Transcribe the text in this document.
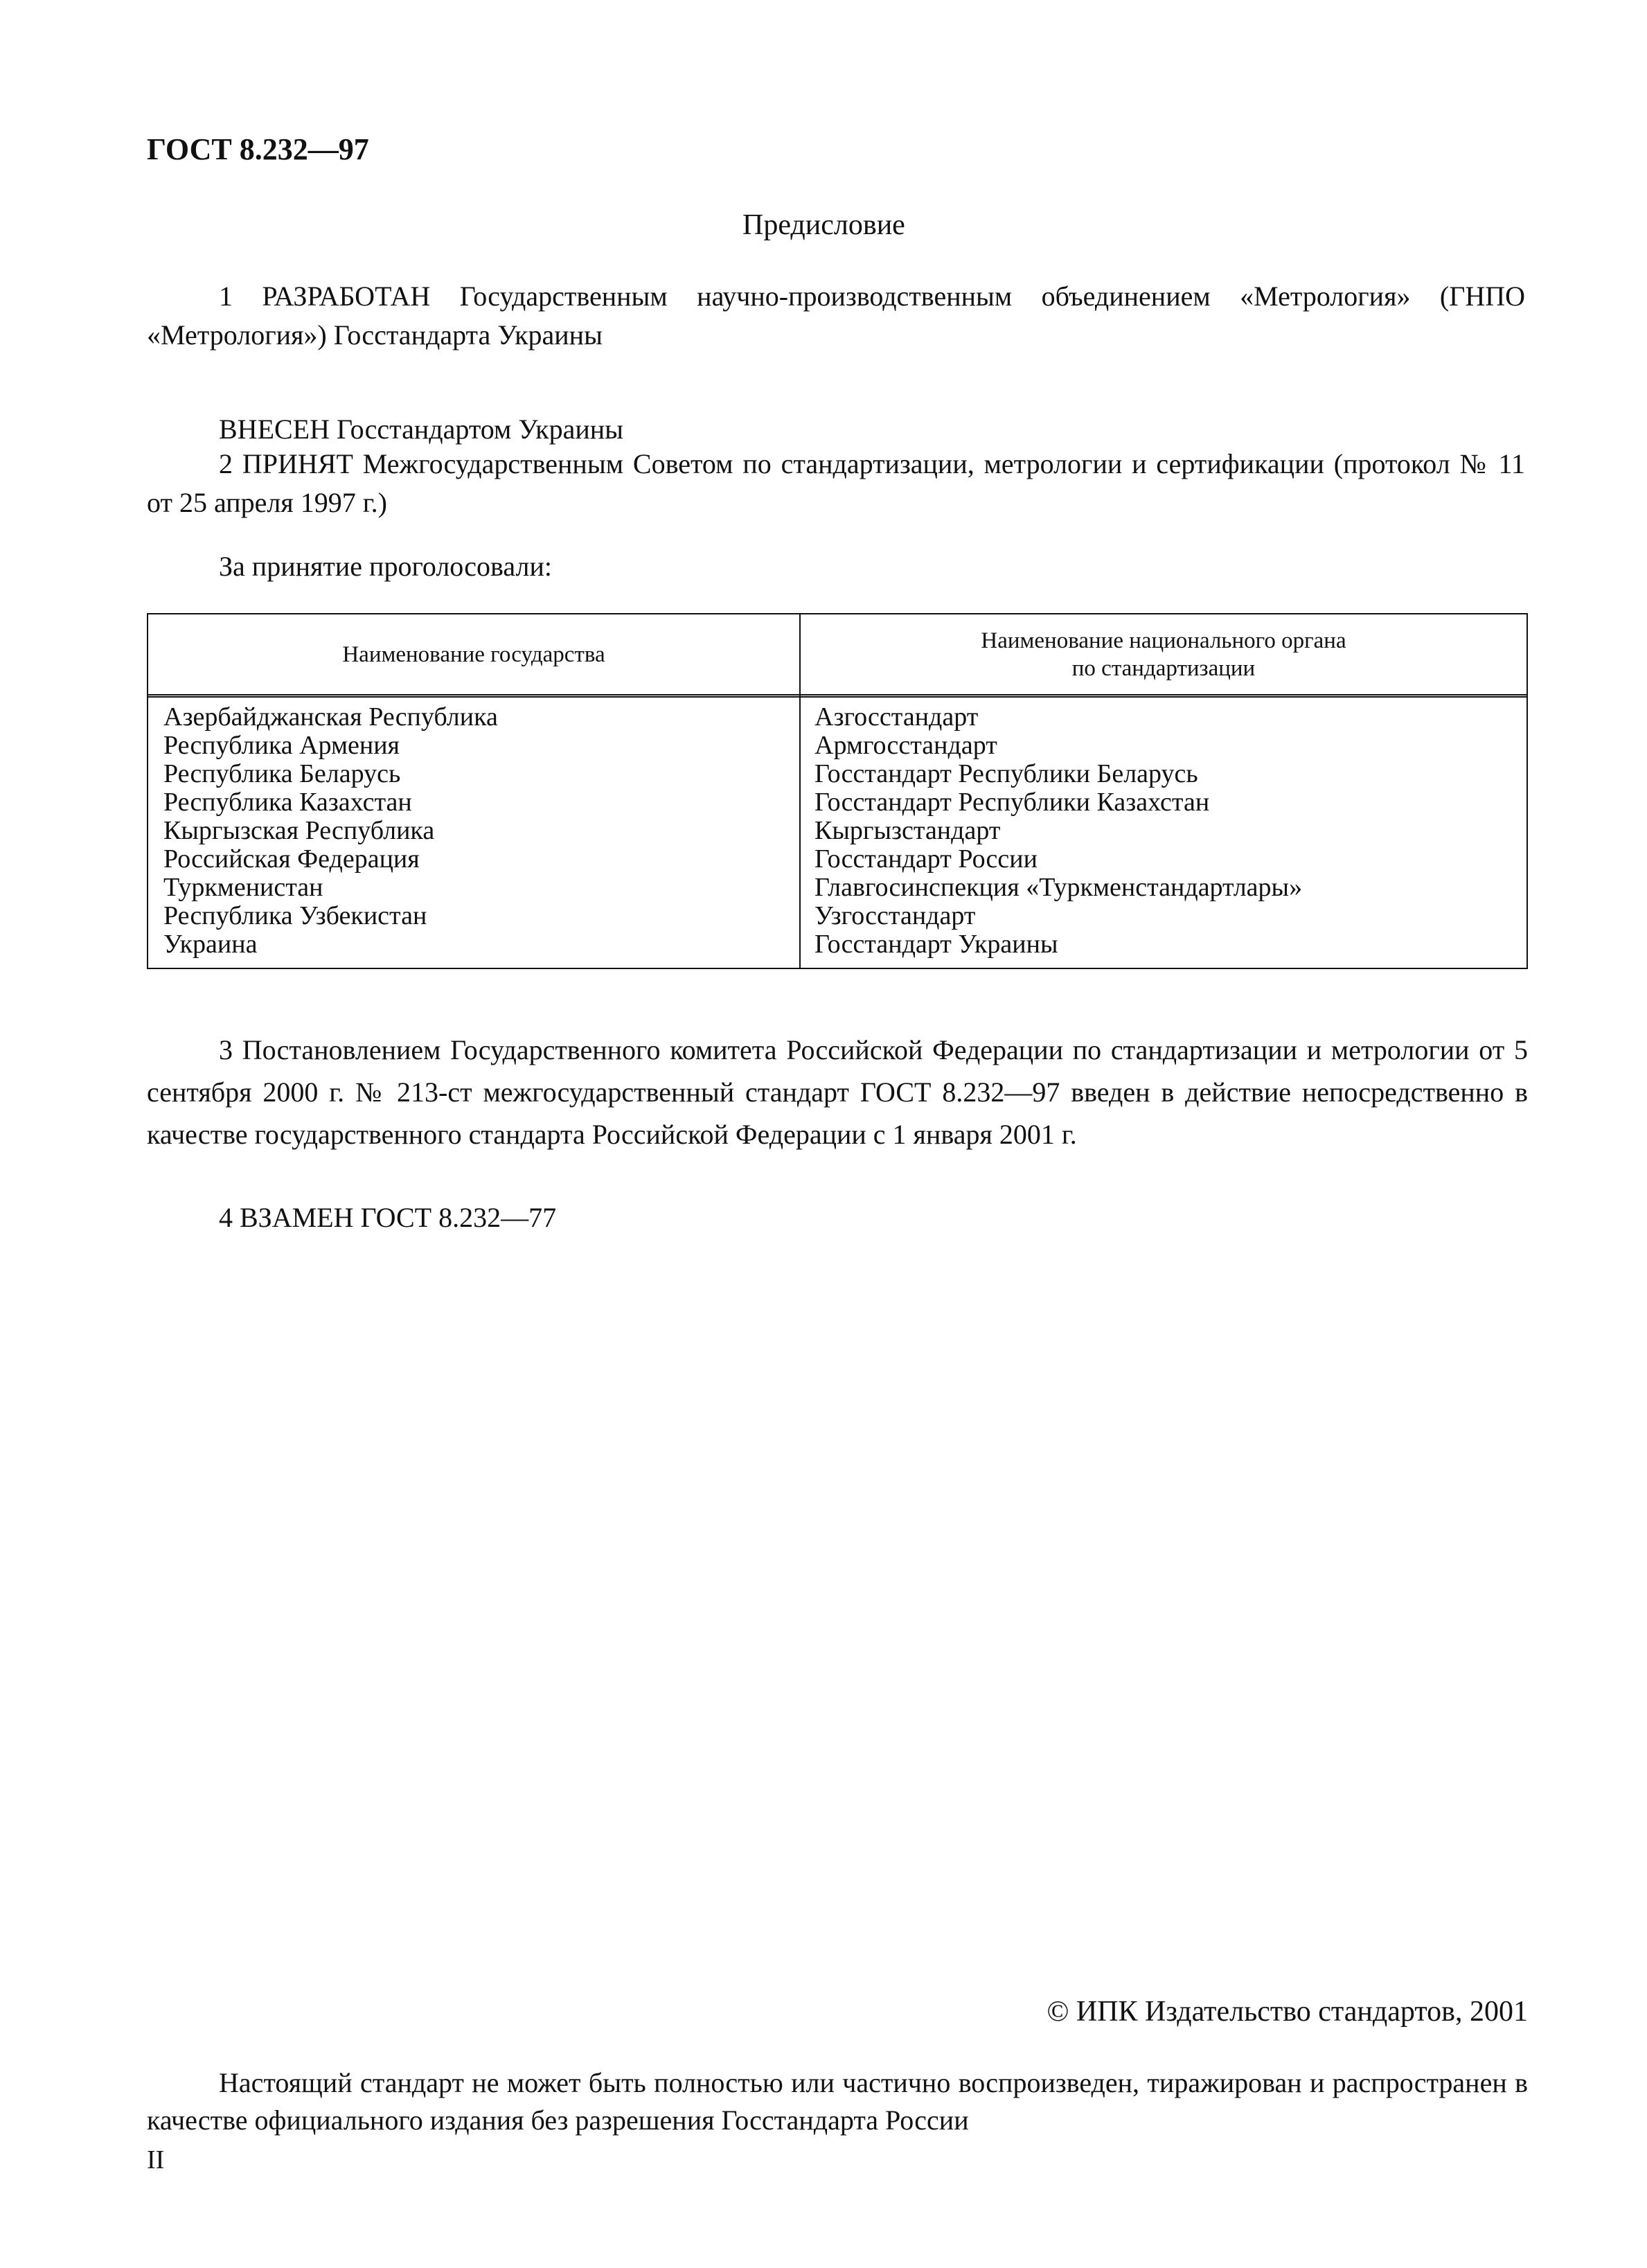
ГОСТ 8.232—97
Предисловие
1 РАЗРАБОТАН Государственным научно-производственным объединением «Метрология» (ГНПО «Метрология») Госстандарта Украины
ВНЕСЕН Госстандартом Украины
2 ПРИНЯТ Межгосударственным Советом по стандартизации, метрологии и сертификации (протокол № 11 от 25 апреля 1997 г.)
За принятие проголосовали:
Наименование государства
Наименование национального органа
по стандартизации
Азербайджанская Республика
Республика Армения
Республика Беларусь
Республика Казахстан
Кыргызская Республика
Российская Федерация
Туркменистан
Республика Узбекистан
Украина
Азгосстандарт
Армгосстандарт
Госстандарт Республики Беларусь
Госстандарт Республики Казахстан
Кыргызстандарт
Госстандарт России
Главгосинспекция «Туркменстандартлары»
Узгосстандарт
Госстандарт Украины
3 Постановлением Государственного комитета Российской Федерации по стандартизации и метрологии от 5 сентября 2000 г. № 213-ст межгосударственный стандарт ГОСТ 8.232—97 введен в действие непосредственно в качестве государственного стандарта Российской Федерации с 1 января 2001 г.
4 ВЗАМЕН ГОСТ 8.232—77
© ИПК Издательство стандартов, 2001
Настоящий стандарт не может быть полностью или частично воспроизведен, тиражирован и распространен в качестве официального издания без разрешения Госстандарта России
II
